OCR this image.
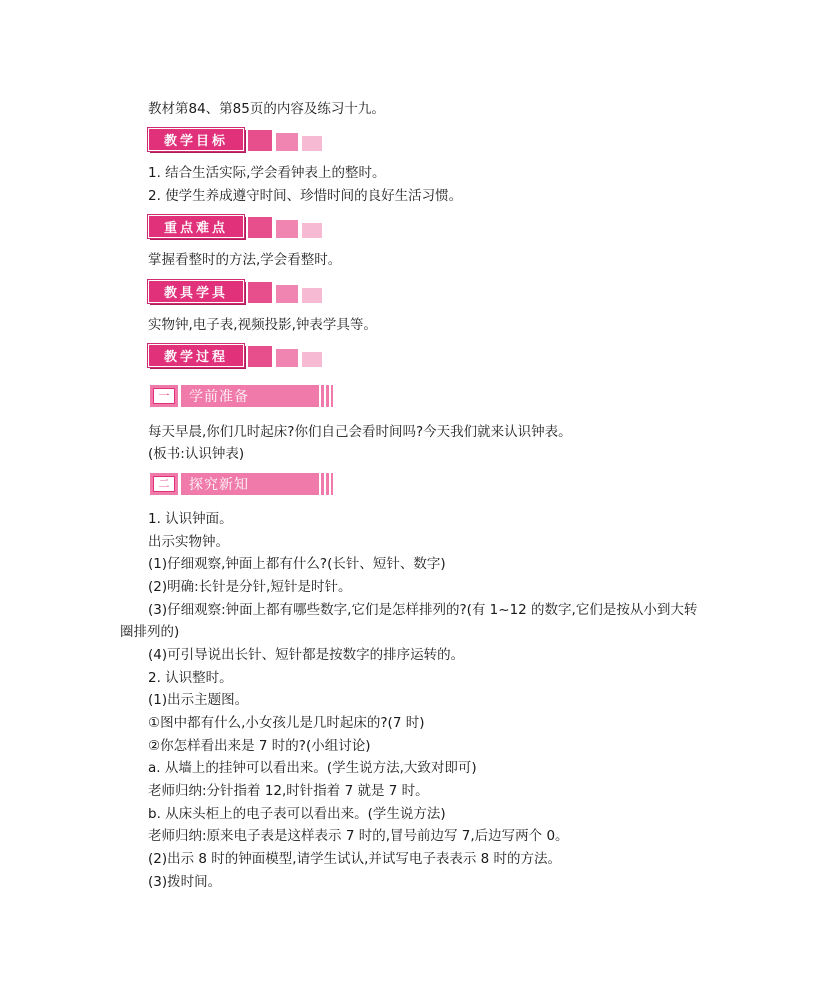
教材第84、第85页的内容及练习十九。
教学目标
1. 结合生活实际,学会看钟表上的整时。
2. 使学生养成遵守时间、珍惜时间的良好生活习惯。
重点难点
掌握看整时的方法,学会看整时。
教具学具
实物钟,电子表,视频投影,钟表学具等。
教学过程
一	学前准备
每天早晨,你们几时起床?你们自己会看时间吗?今天我们就来认识钟表。
(板书:认识钟表)
二	探究新知
1. 认识钟面。
出示实物钟。
(1)仔细观察,钟面上都有什么?(长针、短针、数字)
(2)明确:长针是分针,短针是时针。
(3)仔细观察:钟面上都有哪些数字,它们是怎样排列的?(有 1~12 的数字,它们是按从小到大转
圈排列的)
(4)可引导说出长针、短针都是按数字的排序运转的。
2. 认识整时。
(1)出示主题图。
①图中都有什么,小女孩儿是几时起床的?(7 时)
②你怎样看出来是 7 时的?(小组讨论)
a. 从墙上的挂钟可以看出来。(学生说方法,大致对即可)
老师归纳:分针指着 12,时针指着 7 就是 7 时。
b. 从床头柜上的电子表可以看出来。(学生说方法)
老师归纳:原来电子表是这样表示 7 时的,冒号前边写 7,后边写两个 0。
(2)出示 8 时的钟面模型,请学生试认,并试写电子表表示 8 时的方法。
(3)拨时间。
